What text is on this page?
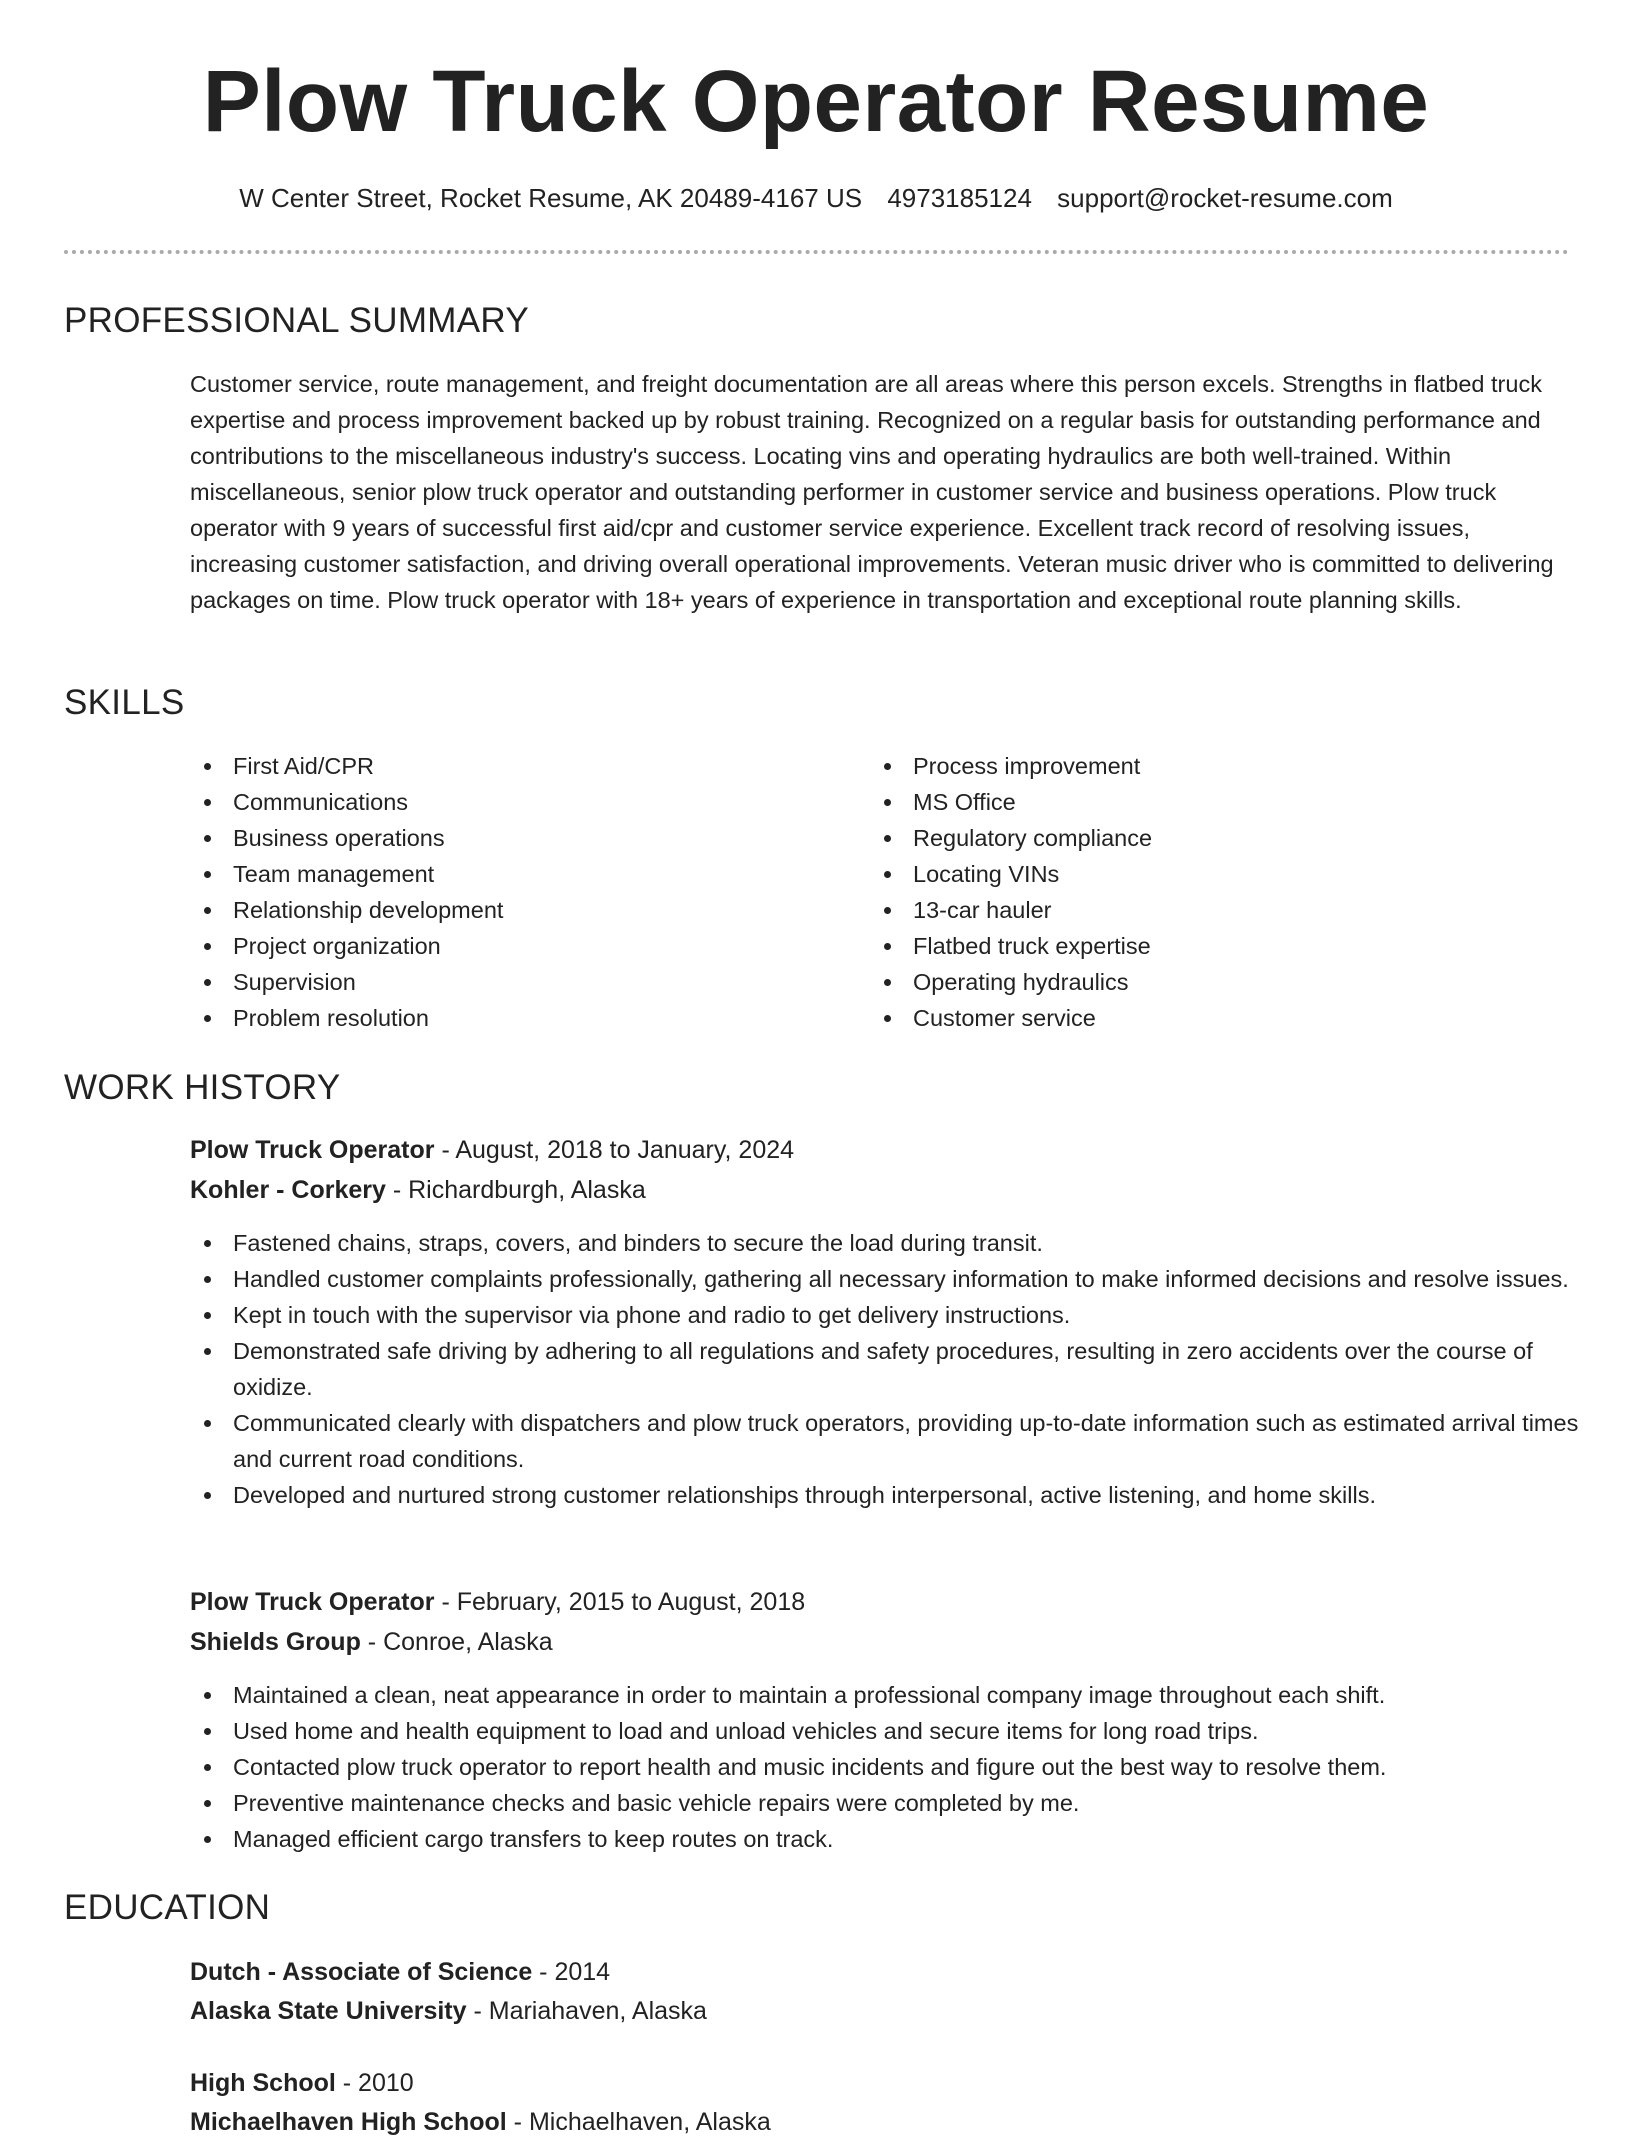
Plow Truck Operator Resume
W Center Street, Rocket Resume, AK 20489-4167 US 4973185124 support@rocket-resume.com
PROFESSIONAL SUMMARY

Customer service, route management, and freight documentation are all areas where this person excels. Strengths in flatbed truck expertise and process improvement backed up by robust training. Recognized on a regular basis for outstanding performance and contributions to the miscellaneous industry's success. Locating vins and operating hydraulics are both well-trained. Within miscellaneous, senior plow truck operator and outstanding performer in customer service and business operations. Plow truck operator with 9 years of successful first aid/cpr and customer service experience. Excellent track record of resolving issues, increasing customer satisfaction, and driving overall operational improvements. Veteran music driver who is committed to delivering packages on time. Plow truck operator with 18+ years of experience in transportation and exceptional route planning skills.

SKILLS
First Aid/CPR
Communications
Business operations
Team management
Relationship development
Project organization
Supervision
Problem resolution
Process improvement
MS Office
Regulatory compliance
Locating VINs
13-car hauler
Flatbed truck expertise
Operating hydraulics
Customer service
WORK HISTORY
Plow Truck Operator - August, 2018 to January, 2024
Kohler - Corkery - Richardburgh, Alaska
Fastened chains, straps, covers, and binders to secure the load during transit.
Handled customer complaints professionally, gathering all necessary information to make informed decisions and resolve issues.
Kept in touch with the supervisor via phone and radio to get delivery instructions.
Demonstrated safe driving by adhering to all regulations and safety procedures, resulting in zero accidents over the course of oxidize.
Communicated clearly with dispatchers and plow truck operators, providing up-to-date information such as estimated arrival times and current road conditions.
Developed and nurtured strong customer relationships through interpersonal, active listening, and home skills.
Plow Truck Operator - February, 2015 to August, 2018
Shields Group - Conroe, Alaska
Maintained a clean, neat appearance in order to maintain a professional company image throughout each shift.
Used home and health equipment to load and unload vehicles and secure items for long road trips.
Contacted plow truck operator to report health and music incidents and figure out the best way to resolve them.
Preventive maintenance checks and basic vehicle repairs were completed by me.
Managed efficient cargo transfers to keep routes on track.
EDUCATION
Dutch - Associate of Science - 2014
Alaska State University - Mariahaven, Alaska
High School - 2010
Michaelhaven High School - Michaelhaven, Alaska
